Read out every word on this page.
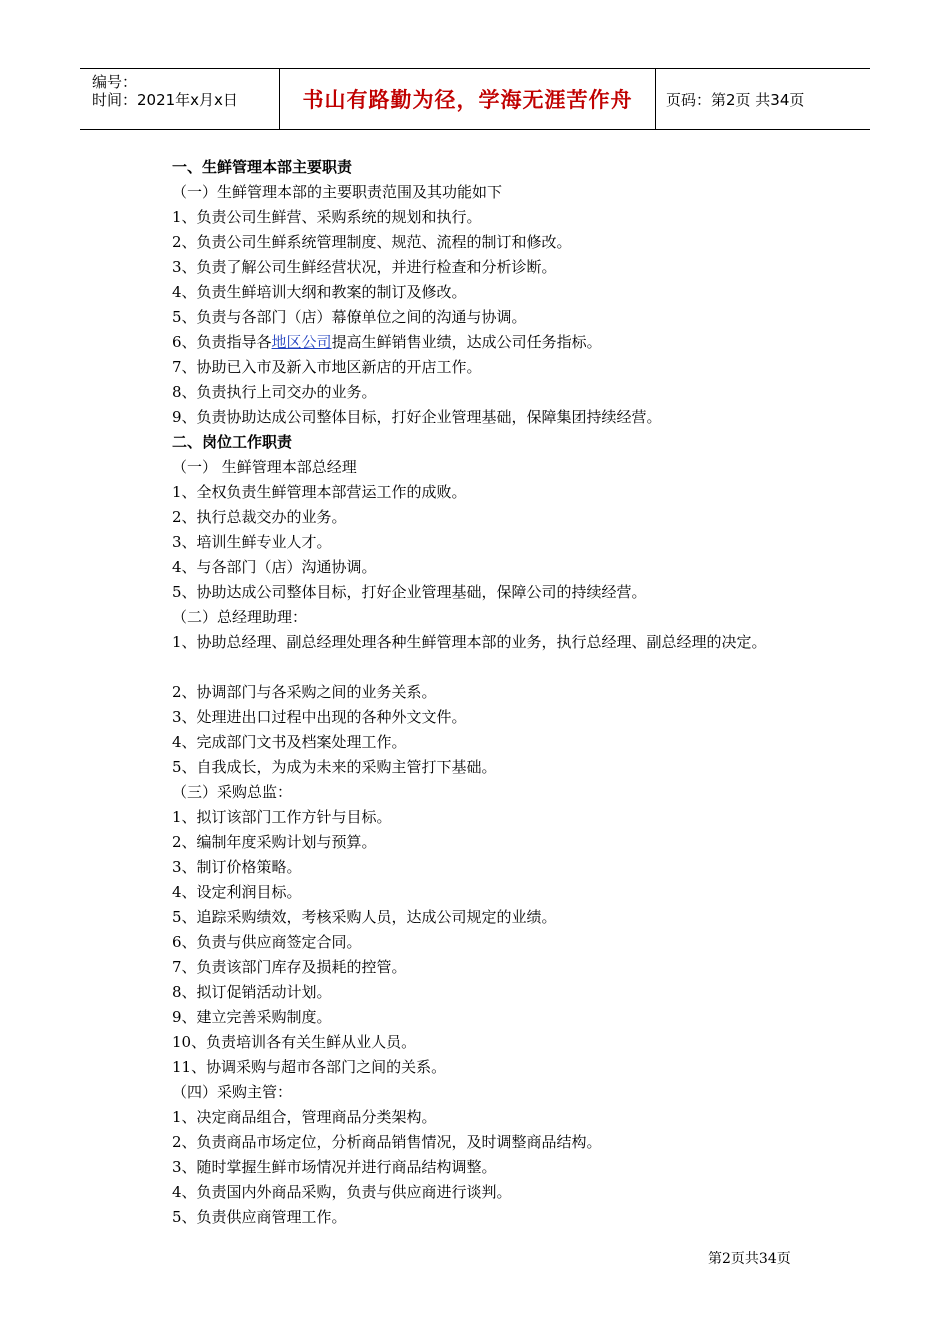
编号：
时间：2021年x月x日	书山有路勤为径，学海无涯苦作舟	页码：第2页 共34页
一、生鲜管理本部主要职责
（一）生鲜管理本部的主要职责范围及其功能如下
1、负责公司生鲜营、采购系统的规划和执行。
2、负责公司生鲜系统管理制度、规范、流程的制订和修改。
3、负责了解公司生鲜经营状况，并进行检查和分析诊断。
4、负责生鲜培训大纲和教案的制订及修改。
5、负责与各部门（店）幕僚单位之间的沟通与协调。
6、负责指导各地区公司提高生鲜销售业绩，达成公司任务指标。
7、协助已入市及新入市地区新店的开店工作。
8、负责执行上司交办的业务。
9、负责协助达成公司整体目标，打好企业管理基础，保障集团持续经营。
二、岗位工作职责
（一） 生鲜管理本部总经理
1、全权负责生鲜管理本部营运工作的成败。
2、执行总裁交办的业务。
3、培训生鲜专业人才。
4、与各部门（店）沟通协调。
5、协助达成公司整体目标，打好企业管理基础，保障公司的持续经营。
（二）总经理助理：
1、协助总经理、副总经理处理各种生鲜管理本部的业务，执行总经理、副总经理的决定。
2、协调部门与各采购之间的业务关系。
3、处理进出口过程中出现的各种外文文件。
4、完成部门文书及档案处理工作。
5、自我成长，为成为未来的采购主管打下基础。
（三）采购总监：
1、拟订该部门工作方针与目标。
2、编制年度采购计划与预算。
3、制订价格策略。
4、设定利润目标。
5、追踪采购绩效，考核采购人员，达成公司规定的业绩。
6、负责与供应商签定合同。
7、负责该部门库存及损耗的控管。
8、拟订促销活动计划。
9、建立完善采购制度。
10、负责培训各有关生鲜从业人员。
11、协调采购与超市各部门之间的关系。
（四）采购主管：
1、决定商品组合，管理商品分类架构。
2、负责商品市场定位，分析商品销售情况，及时调整商品结构。
3、随时掌握生鲜市场情况并进行商品结构调整。
4、负责国内外商品采购，负责与供应商进行谈判。
5、负责供应商管理工作。
第2页共34页
